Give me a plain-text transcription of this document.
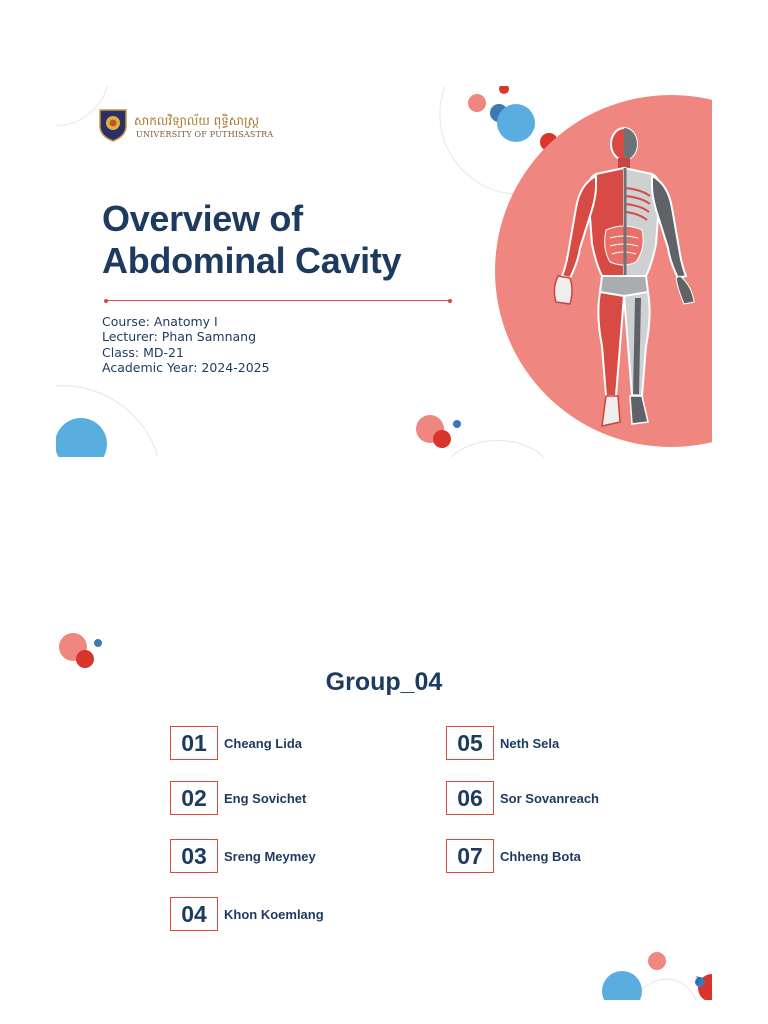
សាកលវិទ្យាល័យ ពុទ្ធិសាស្ត្រ
UNIVERSITY OF PUTHISASTRA
Overview of
Abdominal Cavity
Course: Anatomy I
Lecturer: Phan Samnang
Class: MD-21
Academic Year: 2024-2025
2
Group_04
01	Cheang Lida
02	Eng Sovichet
03	Sreng Meymey
04	Khon Koemlang
05	Neth Sela
06	Sor Sovanreach
07	Chheng Bota
